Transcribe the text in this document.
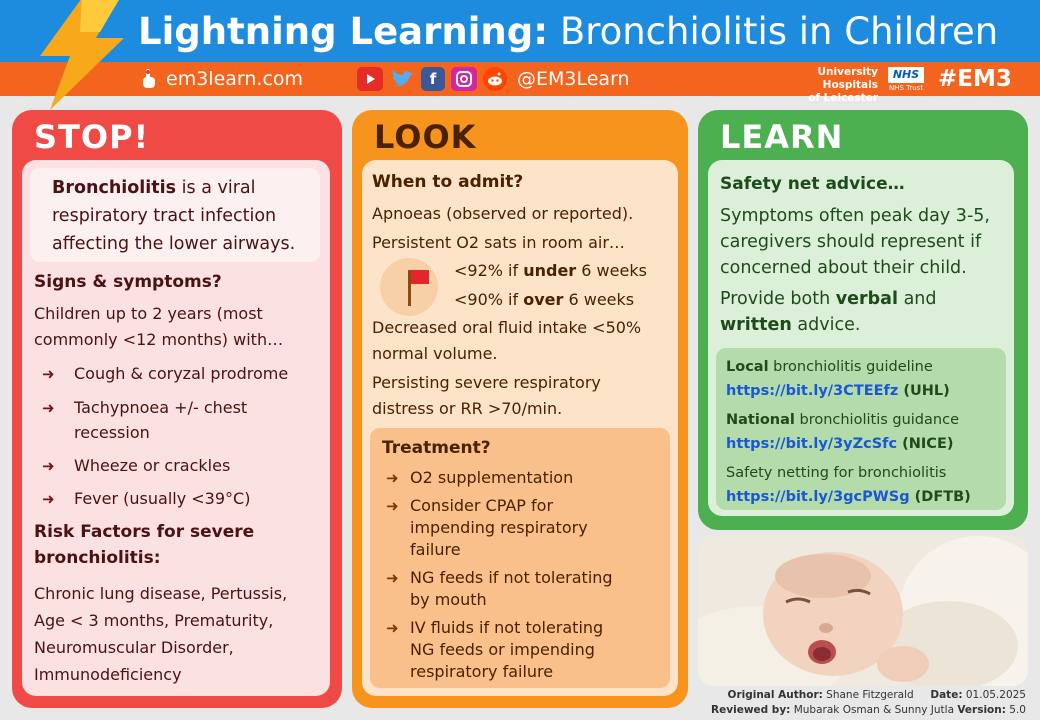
Lightning Learning: Bronchiolitis in Children
em3learn.com	f	@EM3Learn	University Hospitals
of Leicester
NHS
NHS Trust #EM3
STOP!
Bronchiolitis is a viral
respiratory tract infection
affecting the lower airways.
Signs & symptoms?
Children up to 2 years (most
commonly <12 months) with…
➜ Cough & coryzal prodrome
➜ Tachypnoea +/- chest
recession
➜ Wheeze or crackles
➜ Fever (usually <39°C)
Risk Factors for severe
bronchiolitis:
Chronic lung disease, Pertussis,
Age < 3 months, Prematurity,
Neuromuscular Disorder,
Immunodeficiency
LOOK
When to admit?
Apnoeas (observed or reported).
Persistent O2 sats in room air…
<92% if under 6 weeks
<90% if over 6 weeks
Decreased oral fluid intake <50%
normal volume.
Persisting severe respiratory
distress or RR >70/min.
Treatment?
➜ O2 supplementation
➜ Consider CPAP for
impending respiratory
failure
➜ NG feeds if not tolerating
by mouth
➜ IV fluids if not tolerating
NG feeds or impending
respiratory failure
LEARN
Safety net advice…
Symptoms often peak day 3-5,
caregivers should represent if
concerned about their child.
Provide both verbal and
written advice.
Local bronchiolitis guideline
https://bit.ly/3CTEEfz (UHL)
National bronchiolitis guidance
https://bit.ly/3yZcSfc (NICE)
Safety netting for bronchiolitis
https://bit.ly/3gcPWSg (DFTB)
Original Author: Shane Fitzgerald Date: 01.05.2025
Reviewed by: Mubarak Osman & Sunny Jutla Version: 5.0
